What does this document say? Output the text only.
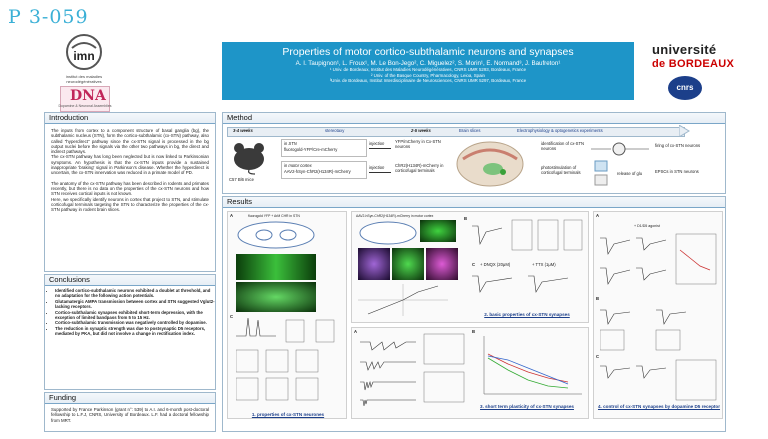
P 3-059
imn
institut des maladies neurodégénératives
DNA
Dopamine & Neuronal Assemblies
Properties of motor cortico-subthalamic neurons and synapses
A. I. Taupignon¹, L. Froux¹, M. Le Bon-Jego², C. Miguelez², S. Morin¹, E. Normand³, J. Baufreton¹
¹ Univ. de Bordeaux, Institut des Maladies Neurodégénératives, CNRS UMR 5293, Bordeaux, France
² Univ. of the Basque Country, Pharmacology, Leioa, Spain
³Univ. de Bordeaux, Institut Interdisciplinaire de Neurosciences, CNRS UMR 5297, Bordeaux, France
université
de BORDEAUX
cnrs
Introduction
The inputs from cortex to a component structure of basal ganglia (bg), the subthalamic nucleus (STN), form the cortico-subthalamic (cx-STN) pathway, also called "hyperdirect" pathway since the cx-STN signal is processed in the bg output nuclei before the signals via the other two pathways in bg, the direct and indirect pathways.
The cx-STN pathway has long been neglected but is now linked to Parkinsonian symptoms. An hypothesis is that the cx-STN inputs provide a sustained inappropriate 'braking' signal in Parkinson's disease. Whether the hyperdirect is uncertain, the cx-STN innervation was reduced in a primate model of PD.
The anatomy of the cx-STN pathway has been described in rodents and primates recently, but there is no data on the properties of the cx-STN neurons and how STN receives cortical inputs is not known.
Here, we specifically identify neurons in cortex that project to STN, and stimulate corticofugal terminals targeting the STN to characterize the properties of the cx-STN pathway in rodent brain slices.
Conclusions
• Identified cortico-subthalamic neurons exhibited a doublet at threshold, and no adaptation for the following action potentials.
• Glutamatergic AMPA transmission between cortex and STN suggested Vglut2-lacking receptors.
• Cortico-subthalamic synapses exhibited short-term depression, with the exception of limited bandpass from 5 to 15 Hz.
• Cortico-subthalamic transmission was negatively controlled by dopamine.
• The reduction in synaptic strength was due to postsynaptic D5 receptors, mediated by PKA, but did not involve a change in rectification index.
Funding
Supported by France Parkinson (grant n°: 539) to A.I. and 6-month post-doctoral fellowship to L.F.J, CNRS, University of Bordeaux. L.F. had a doctoral fellowship from MRT.
Method
3-4 weeks	stereotaxy	2-5 weeks	Brain slices	Electrophysiology & optogenetics experiments
C57 Bl6 mice
in STN
fluorogold-YFP/Cre-mCherry
injection	YFP/mCherry in Cx-STN neurons
in motor cortex
AAV2-hSyn-ChR2(H134R)-mCherry
injection	ChR2(H134R)-mCherry in corticofugal terminals
identification of cx-STN neurons
firing of cx-STN neurons
photostimulation of corticofugal terminals	release of glu	EPSCs in STN neurons
Results
A	fluorogold YFP + ArM CHR in STN
C
1. properties of cx-STN neurones
AAV2-hSyn-ChR2(H134R)-mCherry in motor cortex	B
C + DNQX (20μM)	+ TTX (1μM)
2. basic properties of cx-STN synapses
A	B
3. short term plasticity of cx-STN synapses
A
+ D1/D5 agonist
B
C
4. control of cx-STN synapses by dopamine D5 receptor
